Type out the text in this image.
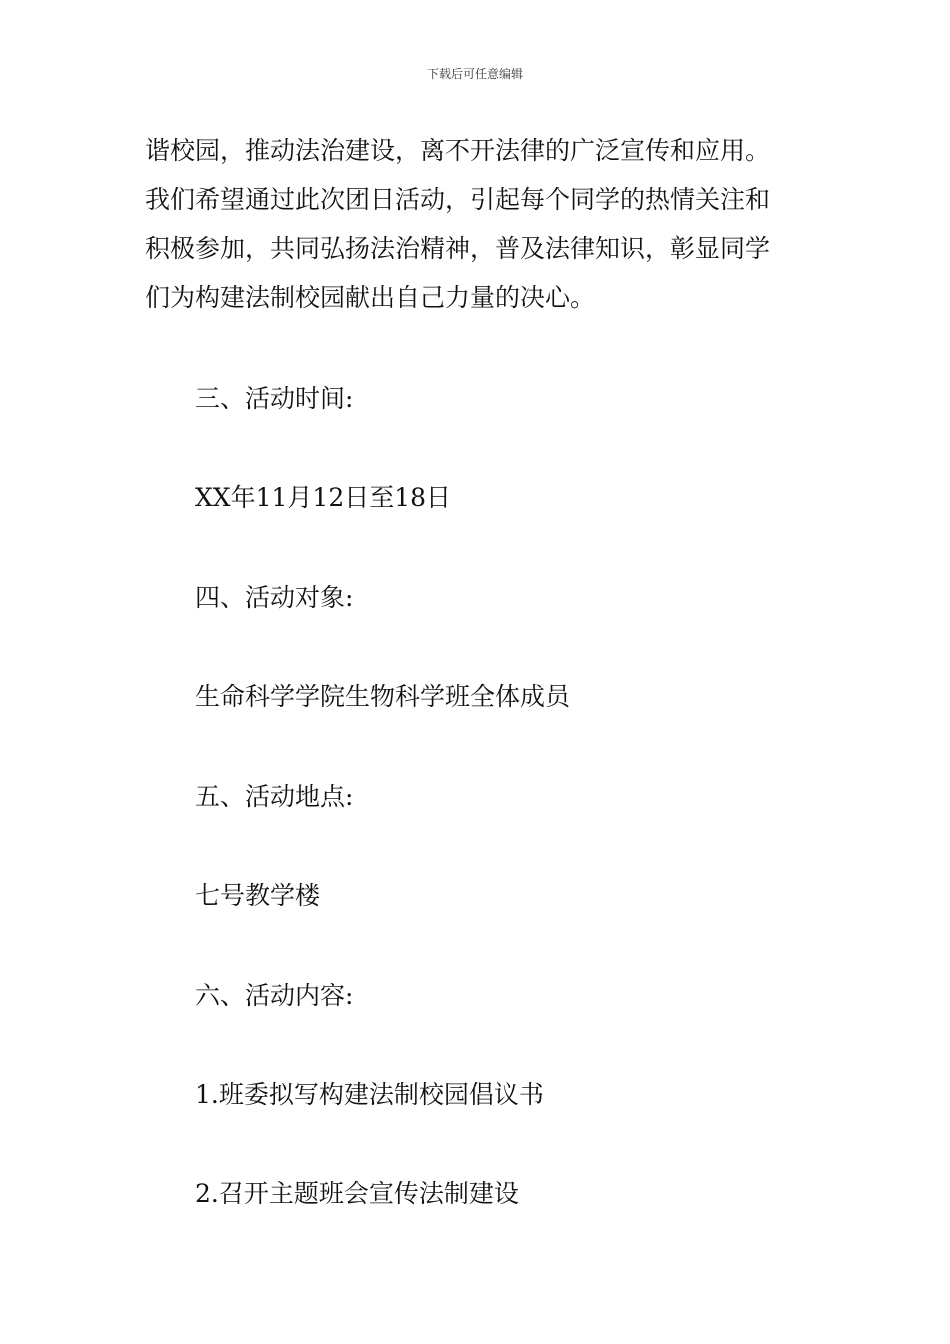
下载后可任意编辑
谐校园，推动法治建设，离不开法律的广泛宣传和应用。
我们希望通过此次团日活动，引起每个同学的热情关注和
积极参加，共同弘扬法治精神，普及法律知识，彰显同学
们为构建法制校园献出自己力量的决心。
三、活动时间:
XX年11月12日至18日
四、活动对象:
生命科学学院生物科学班全体成员
五、活动地点:
七号教学楼
六、活动内容:
1.班委拟写构建法制校园倡议书
2.召开主题班会宣传法制建设
